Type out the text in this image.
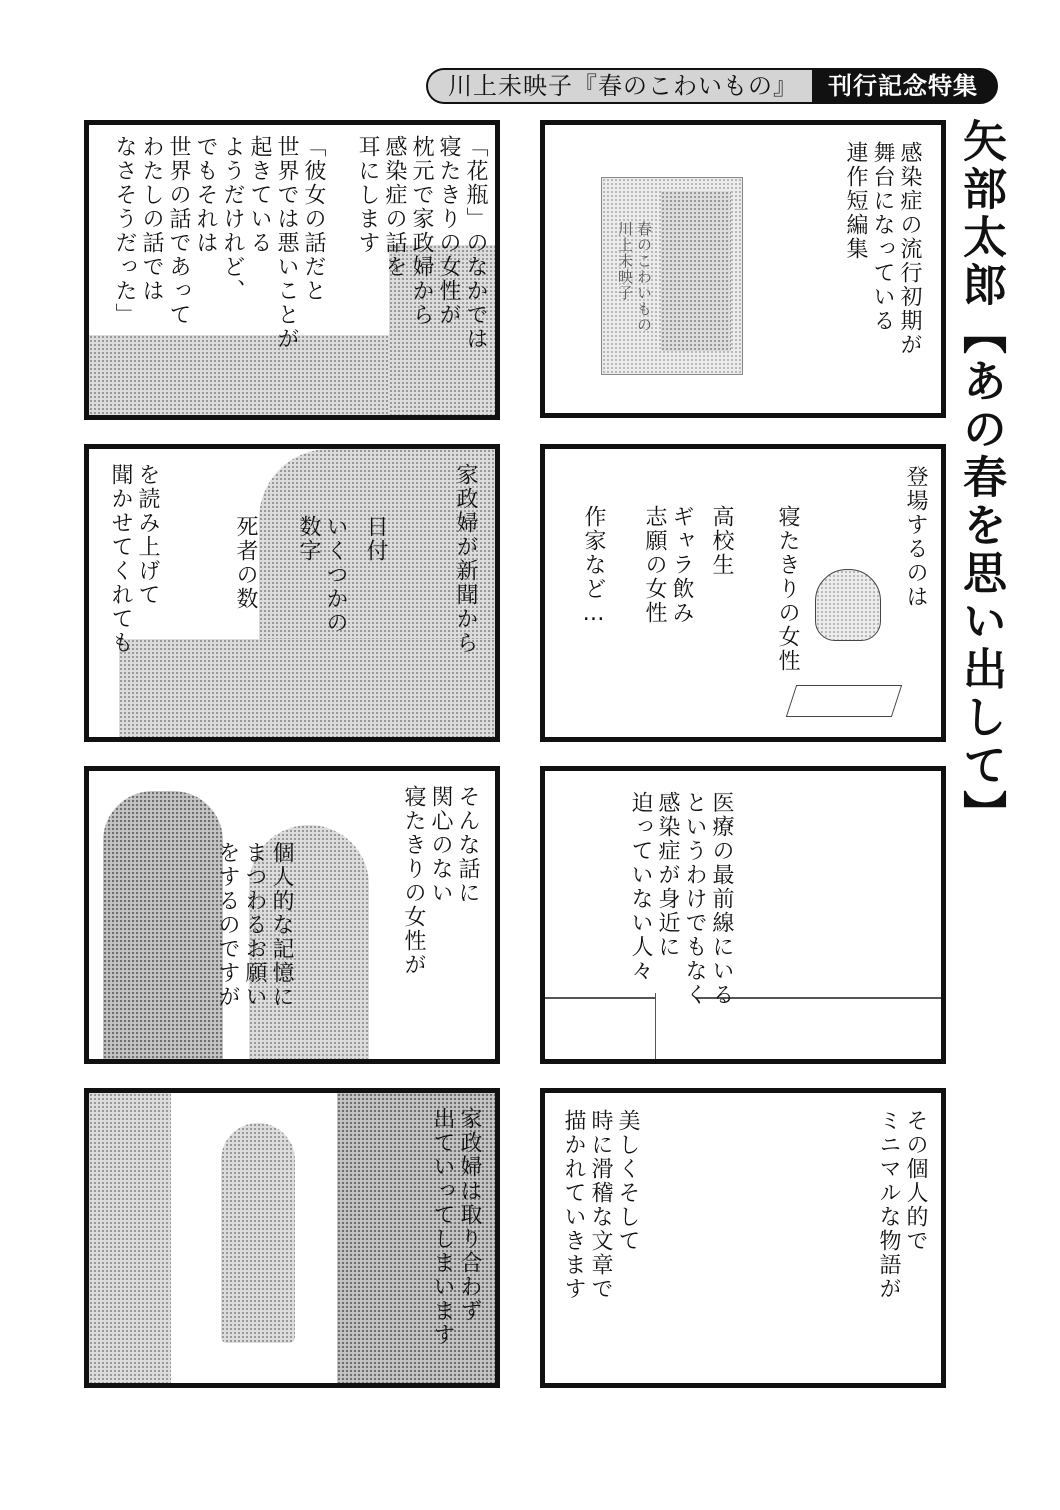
川上未映子『春のこわいもの』	刊行記念特集
矢部太郎【あの春を思い出して】
春のこわいもの
川上未映子	感染症の流行初期が
舞台になっている
連作短編集
「花瓶」のなかでは
寝たきりの女性が
枕元で家政婦から
感染症の話を
耳にします

「彼女の話だと
世界では悪いことが
起きている
ようだけれど、
でもそれは
世界の話であって
わたしの話では
なさそうだった」
登場するのは
寝たきりの女性
高校生
ギャラ飲み
志願の女性
作家など…
家政婦が新聞から
日付
いくつかの
数字
死者の数
を読み上げて
聞かせてくれても
医療の最前線にいる
というわけでもなく
感染症が身近に
迫っていない人々
そんな話に
関心のない
寝たきりの女性が
個人的な記憶に
まつわるお願い
をするのですが
その個人的で
ミニマルな物語が
美しくそして
時に滑稽な文章で
描かれていきます
家政婦は取り合わず
出ていってしまいます
